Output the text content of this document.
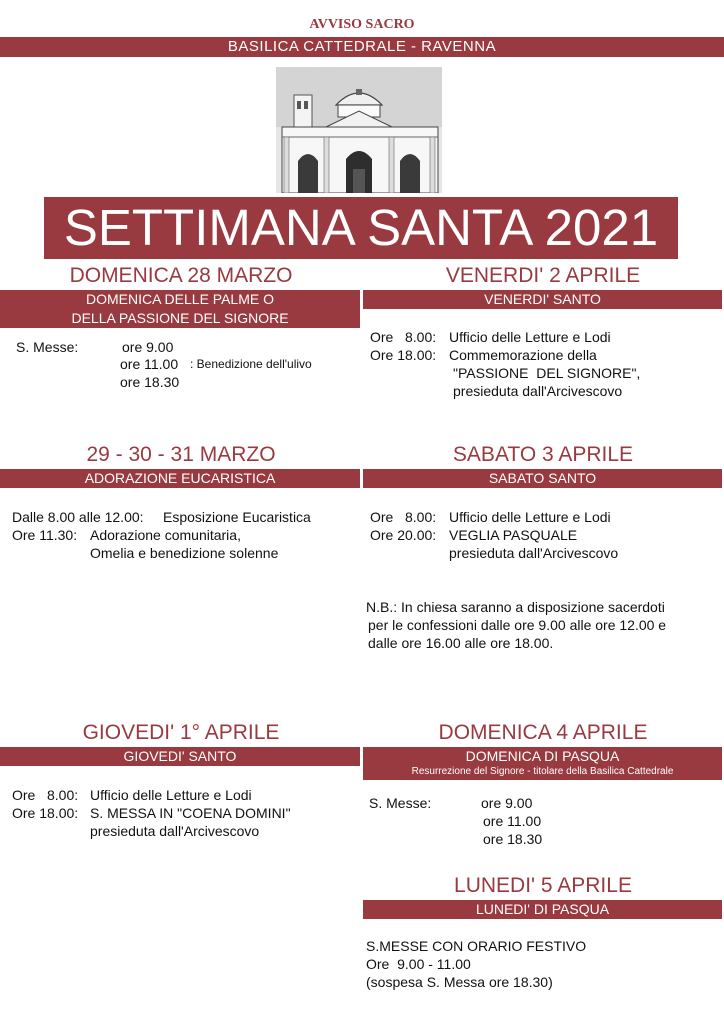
AVVISO SACRO
BASILICA CATTEDRALE - RAVENNA
SETTIMANA SANTA 2021
DOMENICA 28 MARZO
DOMENICA DELLE PALME O
DELLA PASSIONE DEL SIGNORE
S. Messe:	ore 9.00
ore 11.00 : Benedizione dell'ulivo
ore 18.30
VENERDI' 2 APRILE
VENERDI' SANTO
Ore   8.00: Ufficio delle Letture e Lodi
Ore 18.00: Commemorazione della
"PASSIONE  DEL SIGNORE",
presieduta dall'Arcivescovo
29 - 30 - 31 MARZO
ADORAZIONE EUCARISTICA
Dalle 8.00 alle 12.00: Esposizione Eucaristica
Ore 11.30: Adorazione comunitaria,
Omelia e benedizione solenne
SABATO 3 APRILE
SABATO SANTO
Ore   8.00: Ufficio delle Letture e Lodi
Ore 20.00: VEGLIA PASQUALE
presieduta dall'Arcivescovo
N.B.: In chiesa saranno a disposizione sacerdoti
per le confessioni dalle ore 9.00 alle ore 12.00 e
dalle ore 16.00 alle ore 18.00.
GIOVEDI' 1° APRILE
GIOVEDI' SANTO
Ore   8.00: Ufficio delle Letture e Lodi
Ore 18.00: S. MESSA IN "COENA DOMINI"
presieduta dall'Arcivescovo
DOMENICA 4 APRILE
DOMENICA DI PASQUA
Resurrezione del Signore - titolare della Basilica Cattedrale
S. Messe:	ore 9.00
ore 11.00
ore 18.30
LUNEDI' 5 APRILE
LUNEDI' DI PASQUA
S.MESSE CON ORARIO FESTIVO
Ore  9.00 - 11.00
(sospesa S. Messa ore 18.30)
